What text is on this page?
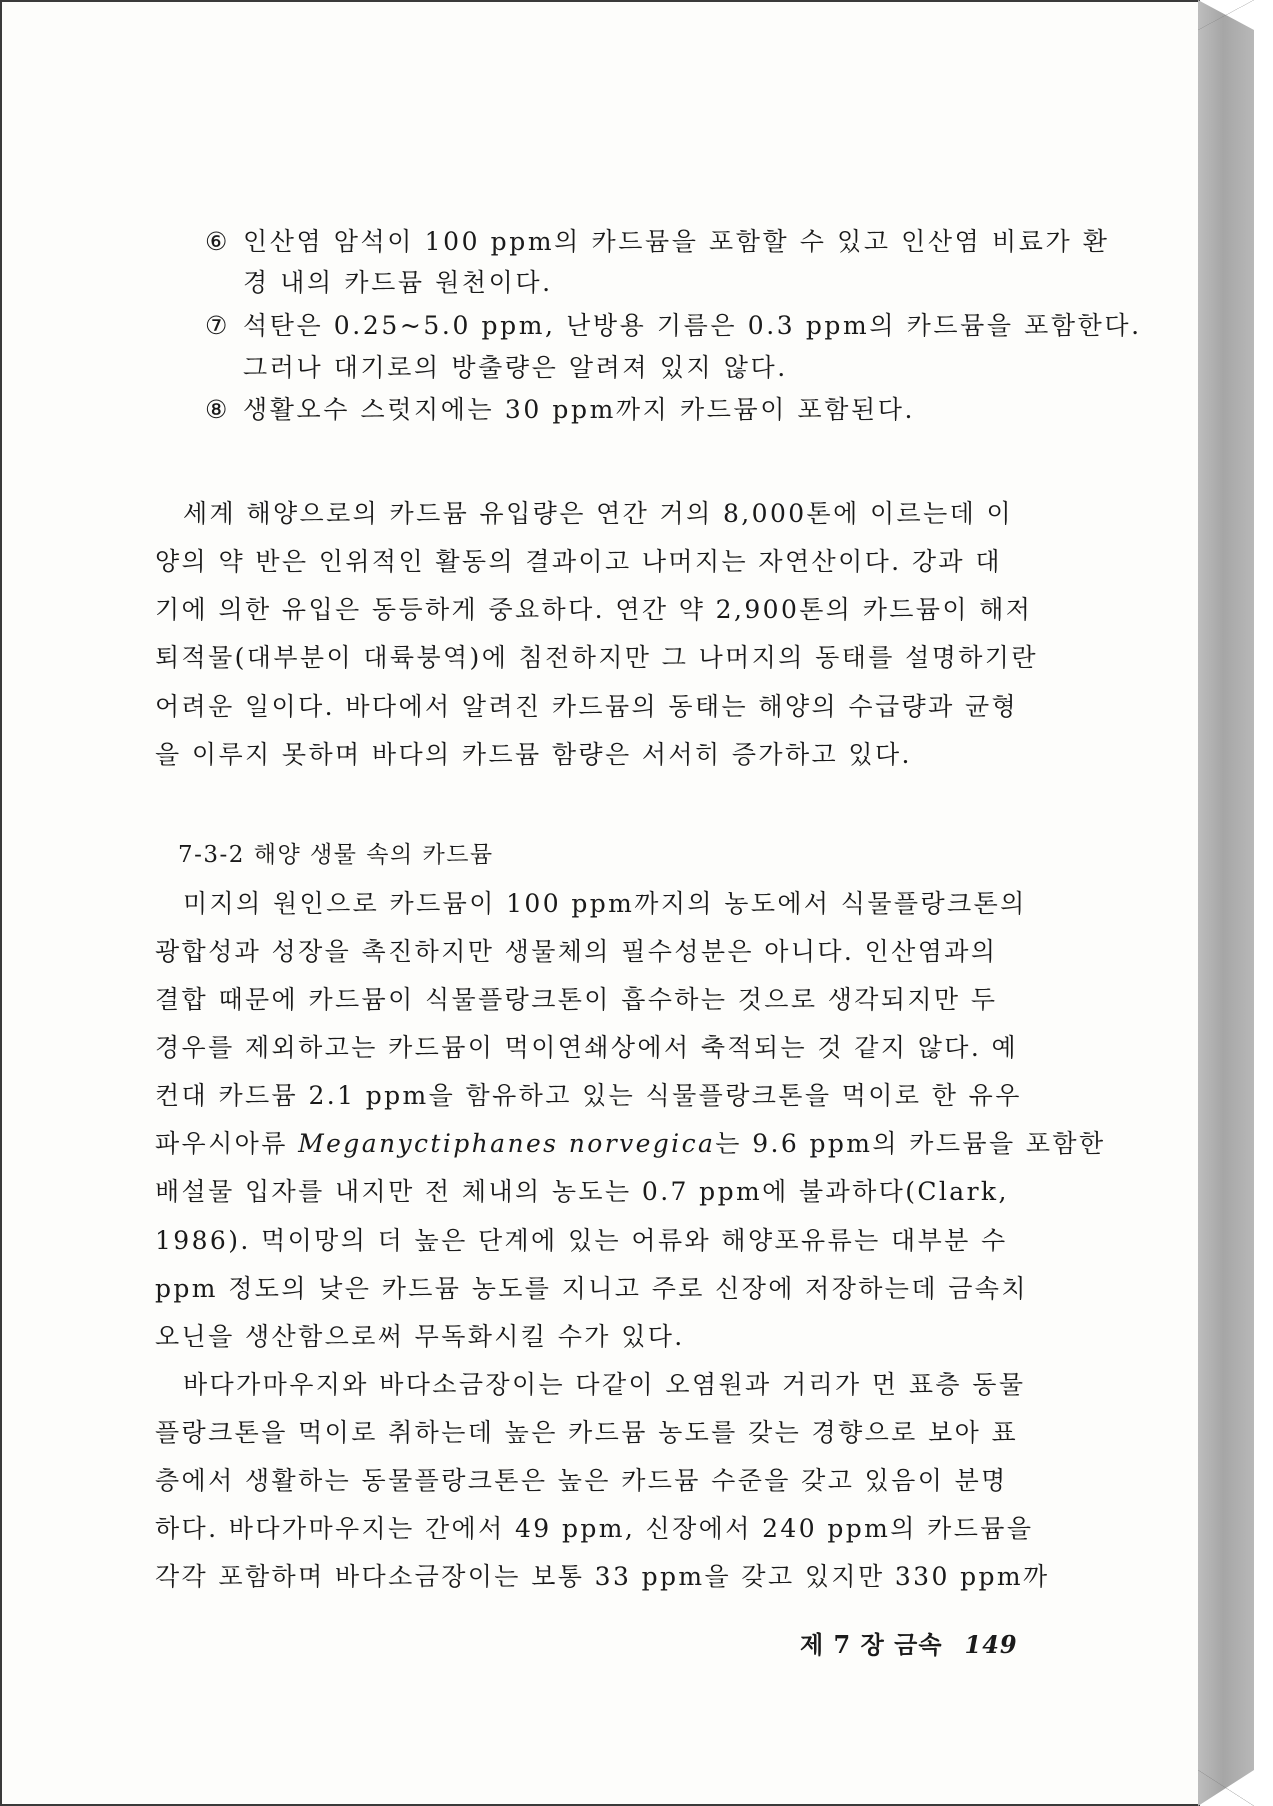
⑥ 인산염 암석이 100 ppm의 카드뮴을 포함할 수 있고 인산염 비료가 환
경 내의 카드뮴 원천이다.
⑦ 석탄은 0.25~5.0 ppm, 난방용 기름은 0.3 ppm의 카드뮴을 포함한다.
그러나 대기로의 방출량은 알려져 있지 않다.
⑧ 생활오수 스럿지에는 30 ppm까지 카드뮴이 포함된다.
세계 해양으로의 카드뮴 유입량은 연간 거의 8,000톤에 이르는데 이
양의 약 반은 인위적인 활동의 결과이고 나머지는 자연산이다. 강과 대
기에 의한 유입은 동등하게 중요하다. 연간 약 2,900톤의 카드뮴이 해저
퇴적물(대부분이 대륙붕역)에 침전하지만 그 나머지의 동태를 설명하기란
어려운 일이다. 바다에서 알려진 카드뮴의 동태는 해양의 수급량과 균형
을 이루지 못하며 바다의 카드뮴 함량은 서서히 증가하고 있다.
7-3-2 해양 생물 속의 카드뮴
미지의 원인으로 카드뮴이 100 ppm까지의 농도에서 식물플랑크톤의
광합성과 성장을 촉진하지만 생물체의 필수성분은 아니다. 인산염과의
결합 때문에 카드뮴이 식물플랑크톤이 흡수하는 것으로 생각되지만 두
경우를 제외하고는 카드뮴이 먹이연쇄상에서 축적되는 것 같지 않다. 예
컨대 카드뮴 2.1 ppm을 함유하고 있는 식물플랑크톤을 먹이로 한 유우
파우시아류 Meganyctiphanes norvegica는 9.6 ppm의 카드뮴을 포함한
배설물 입자를 내지만 전 체내의 농도는 0.7 ppm에 불과하다(Clark,
1986). 먹이망의 더 높은 단계에 있는 어류와 해양포유류는 대부분 수
ppm 정도의 낮은 카드뮴 농도를 지니고 주로 신장에 저장하는데 금속치
오닌을 생산함으로써 무독화시킬 수가 있다.
바다가마우지와 바다소금장이는 다같이 오염원과 거리가 먼 표층 동물
플랑크톤을 먹이로 취하는데 높은 카드뮴 농도를 갖는 경향으로 보아 표
층에서 생활하는 동물플랑크톤은 높은 카드뮴 수준을 갖고 있음이 분명
하다. 바다가마우지는 간에서 49 ppm, 신장에서 240 ppm의 카드뮴을
각각 포함하며 바다소금장이는 보통 33 ppm을 갖고 있지만 330 ppm까
제 7 장 금속 149
